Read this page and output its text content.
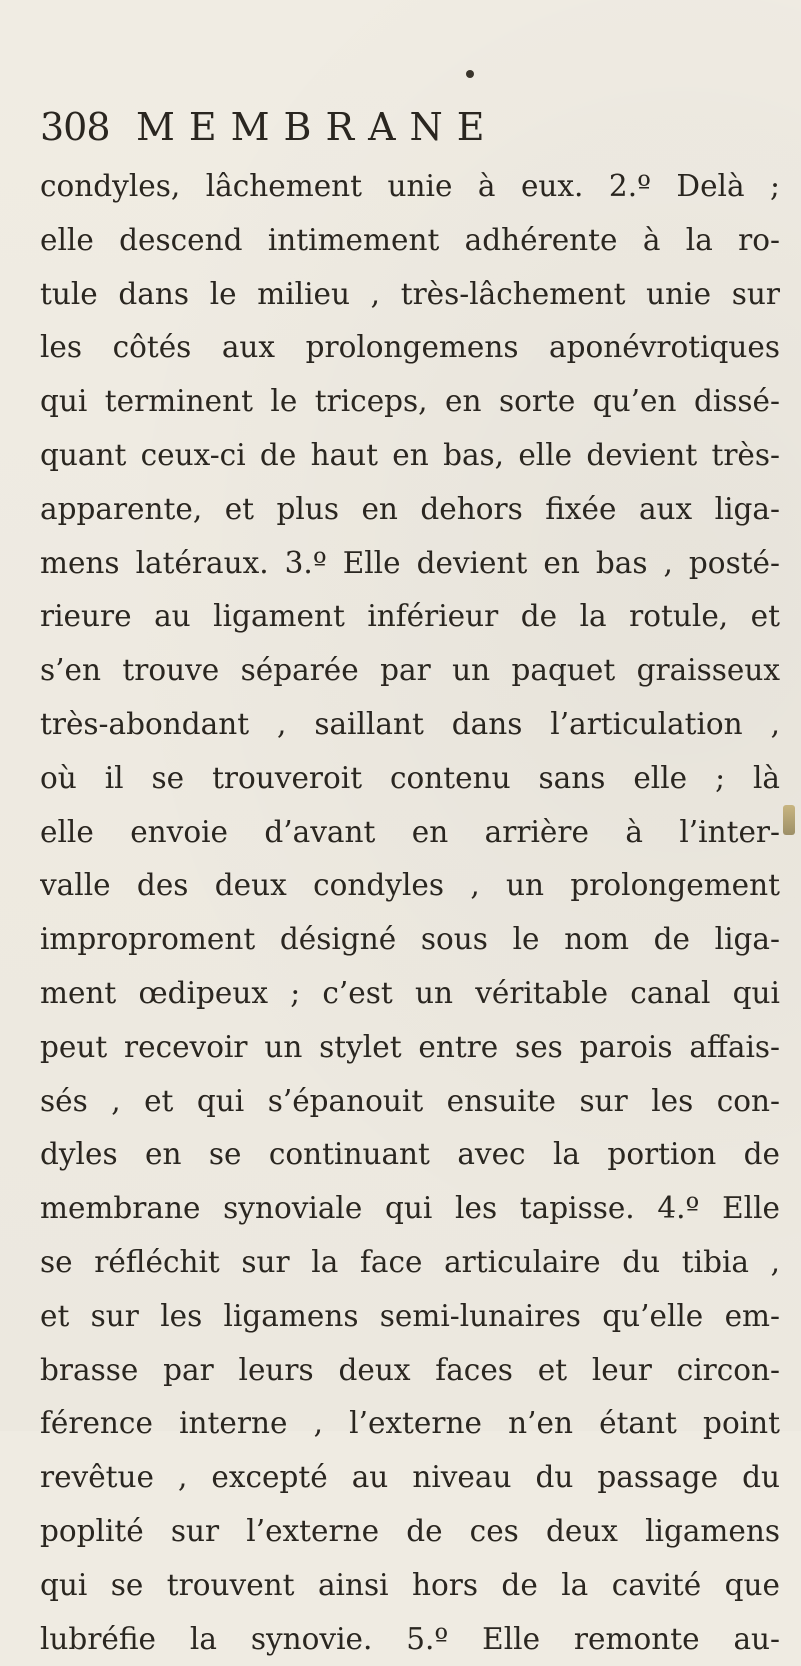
308 MEMBRANE
condyles, lâchement unie à eux. 2.º Delà ;
elle descend intimement adhérente à la ro-
tule dans le milieu , très-lâchement unie sur
les côtés aux prolongemens aponévrotiques
qui terminent le triceps, en sorte qu’en dissé-
quant ceux-ci de haut en bas, elle devient très-
apparente, et plus en dehors fixée aux liga-
mens latéraux. 3.º Elle devient en bas , posté-
rieure au ligament inférieur de la rotule, et
s’en trouve séparée par un paquet graisseux
très-abondant , saillant dans l’articulation ,
où il se trouveroit contenu sans elle ; là
elle envoie d’avant en arrière à l’inter-
valle des deux condyles , un prolongement
improproment désigné sous le nom de liga-
ment œdipeux ; c’est un véritable canal qui
peut recevoir un stylet entre ses parois affais-
sés , et qui s’épanouit ensuite sur les con-
dyles en se continuant avec la portion de
membrane synoviale qui les tapisse. 4.º Elle
se réfléchit sur la face articulaire du tibia ,
et sur les ligamens semi-lunaires qu’elle em-
brasse par leurs deux faces et leur circon-
férence interne , l’externe n’en étant point
revêtue , excepté au niveau du passage du
poplité sur l’externe de ces deux ligamens
qui se trouvent ainsi hors de la cavité que
lubréfie la synovie. 5.º Elle remonte au-
